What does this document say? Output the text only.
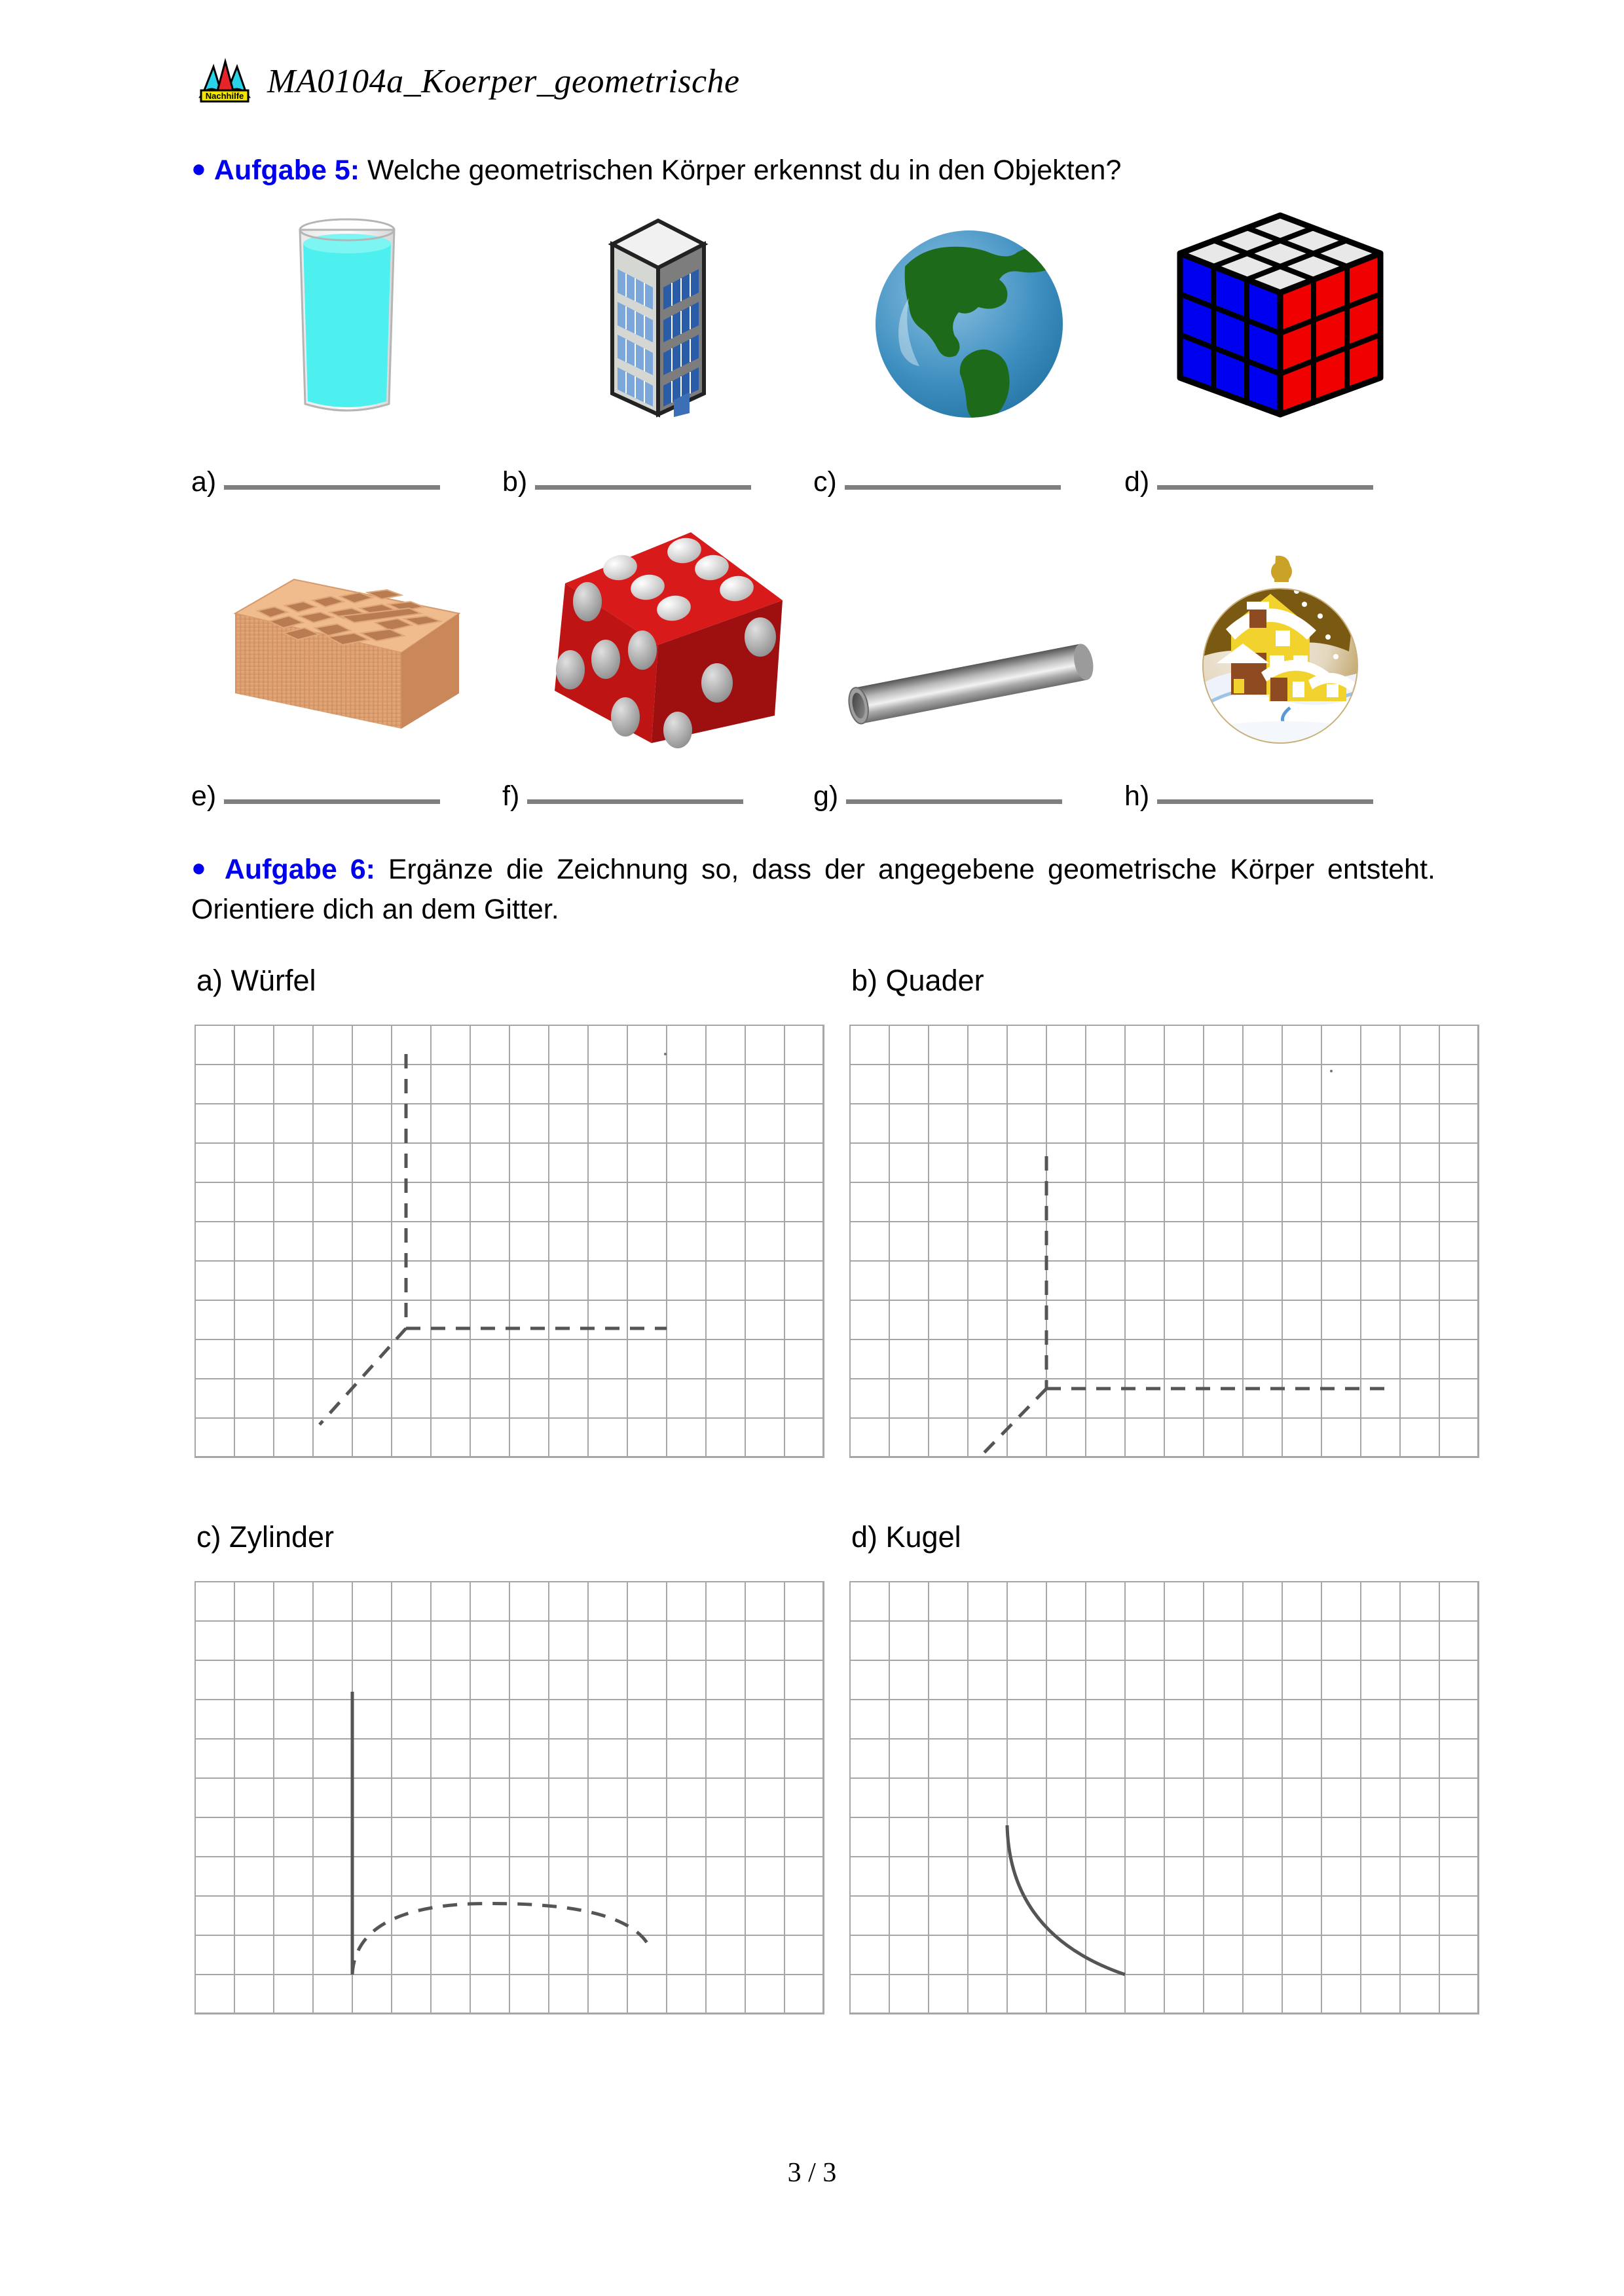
Nachhilfe MA0104a_Koerper_geometrische
● Aufgabe 5: Welche geometrischen Körper erkennst du in den Objekten?
a)	b)	c)	d)
e)	f)	g)	h)
● Aufgabe 6: Ergänze die Zeichnung so, dass der angegebene geometrische Körper entsteht. Orientiere dich an dem Gitter.
a) Würfel	b) Quader
c) Zylinder	d) Kugel
3 / 3
